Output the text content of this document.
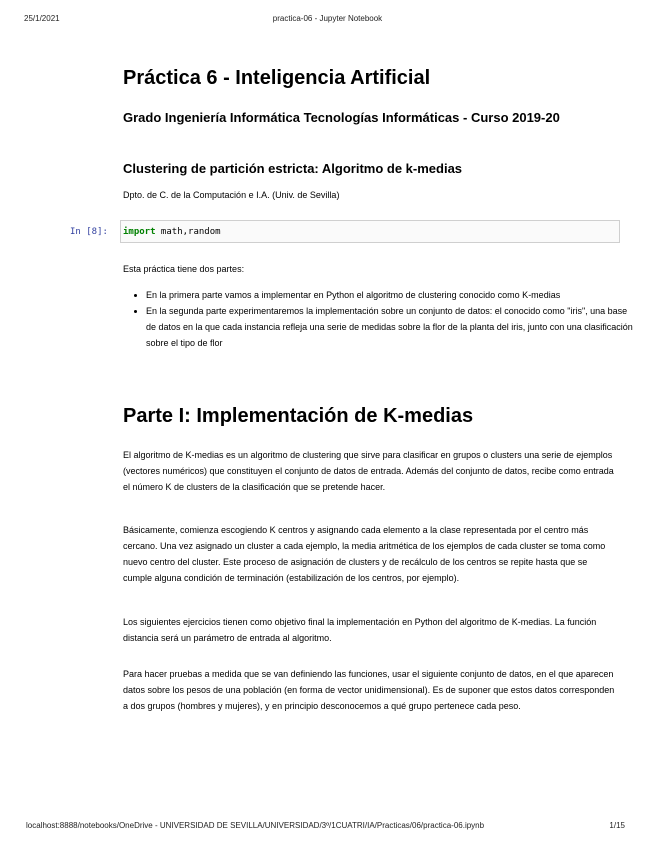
25/1/2021	practica-06 - Jupyter Notebook
Práctica 6 - Inteligencia Artificial
Grado Ingeniería Informática Tecnologías Informáticas - Curso 2019-20
Clustering de partición estricta: Algoritmo de k-medias

Dpto. de C. de la Computación e I.A. (Univ. de Sevilla)

Esta práctica tiene dos partes:

• En la primera parte vamos a implementar en Python el algoritmo de clustering conocido como K-medias
• En la segunda parte experimentaremos la implementación sobre un conjunto de datos: el conocido como "iris", una base de datos en la que cada instancia refleja una serie de medidas sobre la flor de la planta del iris, junto con una clasificación sobre el tipo de flor
Parte I: Implementación de K-medias

El algoritmo de K-medias es un algoritmo de clustering que sirve para clasificar en grupos o clusters una serie de ejemplos (vectores numéricos) que constituyen el conjunto de datos de entrada. Además del conjunto de datos, recibe como entrada el número K de clusters de la clasificación que se pretende hacer.

Básicamente, comienza escogiendo K centros y asignando cada elemento a la clase representada por el centro más cercano. Una vez asignado un cluster a cada ejemplo, la media aritmética de los ejemplos de cada cluster se toma como nuevo centro del cluster. Este proceso de asignación de clusters y de recálculo de los centros se repite hasta que se cumple alguna condición de terminación (estabilización de los centros, por ejemplo).

Los siguientes ejercicios tienen como objetivo final la implementación en Python del algoritmo de K-medias. La función distancia será un parámetro de entrada al algoritmo.

Para hacer pruebas a medida que se van definiendo las funciones, usar el siguiente conjunto de datos, en el que aparecen datos sobre los pesos de una población (en forma de vector unidimensional). Es de suponer que estos datos corresponden a dos grupos (hombres y mujeres), y en principio desconocemos a qué grupo pertenece cada peso.

In [8]: import math,random
localhost:8888/notebooks/OneDrive - UNIVERSIDAD DE SEVILLA/UNIVERSIDAD/3º/1CUATRI/IA/Practicas/06/practica-06.ipynb	1/15
